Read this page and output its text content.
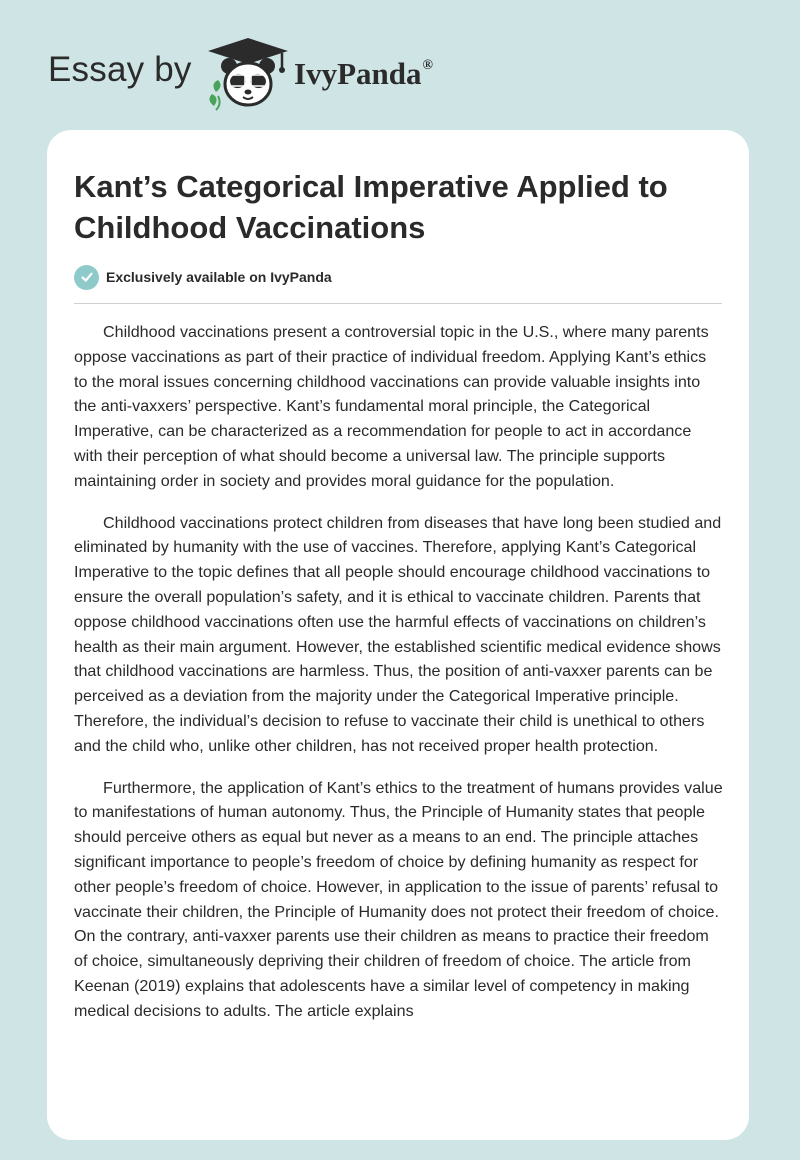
Essay by	IvyPanda®
Kant’s Categorical Imperative Applied to Childhood Vaccinations
Exclusively available on IvyPanda

Childhood vaccinations present a controversial topic in the U.S., where many parents oppose vaccinations as part of their practice of individual freedom. Applying Kant’s ethics to the moral issues concerning childhood vaccinations can provide valuable insights into the anti-vaxxers’ perspective. Kant’s fundamental moral principle, the Categorical Imperative, can be characterized as a recommendation for people to act in accordance with their perception of what should become a universal law. The principle supports maintaining order in society and provides moral guidance for the population.

Childhood vaccinations protect children from diseases that have long been studied and eliminated by humanity with the use of vaccines. Therefore, applying Kant’s Categorical Imperative to the topic defines that all people should encourage childhood vaccinations to ensure the overall population’s safety, and it is ethical to vaccinate children. Parents that oppose childhood vaccinations often use the harmful effects of vaccinations on children’s health as their main argument. However, the established scientific medical evidence shows that childhood vaccinations are harmless. Thus, the position of anti-vaxxer parents can be perceived as a deviation from the majority under the Categorical Imperative principle. Therefore, the individual’s decision to refuse to vaccinate their child is unethical to others and the child who, unlike other children, has not received proper health protection.

Furthermore, the application of Kant’s ethics to the treatment of humans provides value to manifestations of human autonomy. Thus, the Principle of Humanity states that people should perceive others as equal but never as a means to an end. The principle attaches significant importance to people’s freedom of choice by defining humanity as respect for other people’s freedom of choice. However, in application to the issue of parents’ refusal to vaccinate their children, the Principle of Humanity does not protect their freedom of choice. On the contrary, anti-vaxxer parents use their children as means to practice their freedom of choice, simultaneously depriving their children of freedom of choice. The article from Keenan (2019) explains that adolescents have a similar level of competency in making medical decisions to adults. The article explains
